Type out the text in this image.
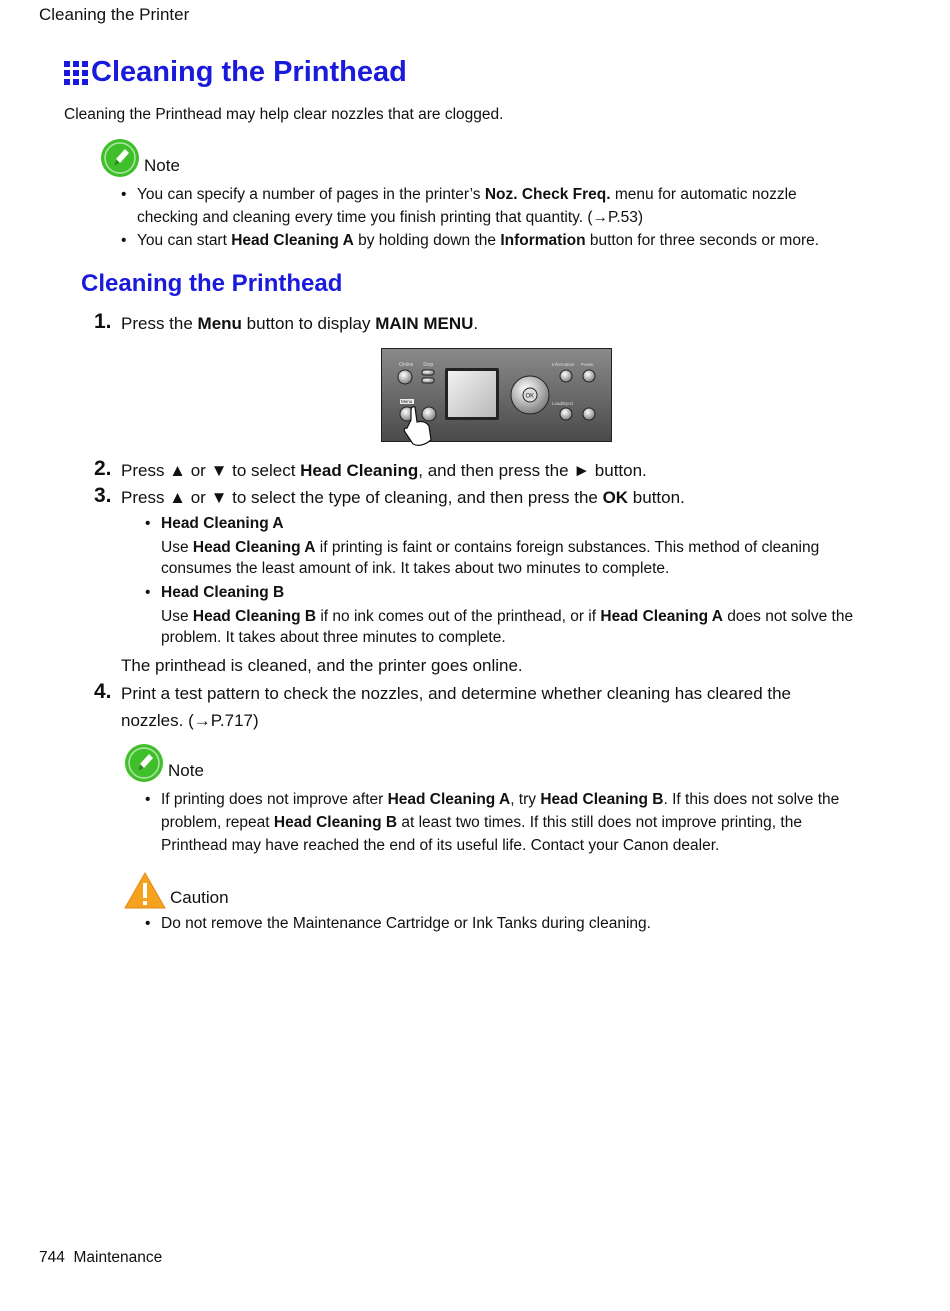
Cleaning the Printer
Cleaning the Printhead
Cleaning the Printhead may help clear nozzles that are clogged.
Note
• You can specify a number of pages in the printer’s Noz. Check Freq. menu for automatic nozzle checking and cleaning every time you finish printing that quantity. (→P.53)
• You can start Head Cleaning A by holding down the Information button for three seconds or more.
Cleaning the Printhead
1. Press the Menu button to display MAIN MENU.
Online Stop
Menu
OK
Information Power
Load/Eject
2. Press ▲ or ▼ to select Head Cleaning, and then press the ► button.
3. Press ▲ or ▼ to select the type of cleaning, and then press the OK button.
• Head Cleaning A
Use Head Cleaning A if printing is faint or contains foreign substances. This method of cleaning consumes the least amount of ink. It takes about two minutes to complete.
• Head Cleaning B
Use Head Cleaning B if no ink comes out of the printhead, or if Head Cleaning A does not solve the problem. It takes about three minutes to complete.
The printhead is cleaned, and the printer goes online.
4. Print a test pattern to check the nozzles, and determine whether cleaning has cleared the nozzles. (→P.717)
Note
• If printing does not improve after Head Cleaning A, try Head Cleaning B. If this does not solve the problem, repeat Head Cleaning B at least two times. If this still does not improve printing, the Printhead may have reached the end of its useful life. Contact your Canon dealer.
Caution
• Do not remove the Maintenance Cartridge or Ink Tanks during cleaning.
744  Maintenance
